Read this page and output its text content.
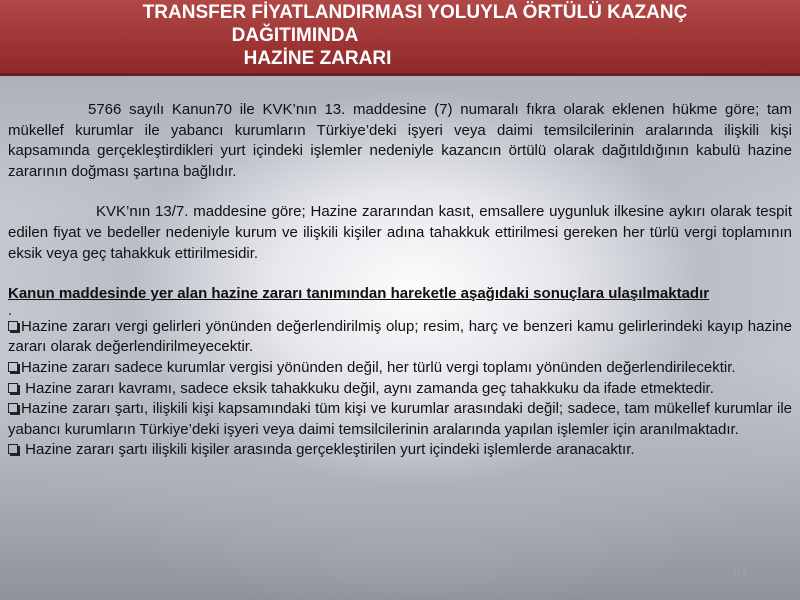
TRANSFER FİYATLANDIRMASI YOLUYLA ÖRTÜLÜ KAZANÇ
DAĞITIMINDA
HAZİNE ZARARI

5766 sayılı Kanun70 ile KVK’nın 13. maddesine (7) numaralı fıkra olarak eklenen hükme göre; tam mükellef kurumlar ile yabancı kurumların Türkiye’deki işyeri veya daimi temsilcilerinin aralarında ilişkili kişi kapsamında gerçekleştirdikleri yurt içindeki işlemler nedeniyle kazancın örtülü olarak dağıtıldığının kabulü hazine zararının doğması şartına bağlıdır.

KVK’nın 13/7. maddesine göre; Hazine zararından kasıt, emsallere uygunluk ilkesine aykırı olarak tespit edilen fiyat ve bedeller nedeniyle kurum ve ilişkili kişiler adına tahakkuk ettirilmesi gereken her türlü vergi toplamının eksik veya geç tahakkuk ettirilmesidir.

Kanun maddesinde yer alan hazine zararı tanımından hareketle aşağıdaki sonuçlara ulaşılmaktadır

.

Hazine zararı vergi gelirleri yönünden değerlendirilmiş olup; resim, harç ve benzeri kamu gelirlerindeki kayıp hazine zararı olarak değerlendirilmeyecektir.

Hazine zararı sadece kurumlar vergisi yönünden değil, her türlü vergi toplamı yönünden değerlendirilecektir.

Hazine zararı kavramı, sadece eksik tahakkuku değil, aynı zamanda geç tahakkuku da ifade etmektedir.

Hazine zararı şartı, ilişkili kişi kapsamındaki tüm kişi ve kurumlar arasındaki değil; sadece, tam mükellef kurumlar ile yabancı kurumların Türkiye’deki işyeri veya daimi temsilcilerinin aralarında yapılan işlemler için aranılmaktadır.

Hazine zararı şartı ilişkili kişiler arasında gerçekleştirilen yurt içindeki işlemlerde aranacaktır.

81
